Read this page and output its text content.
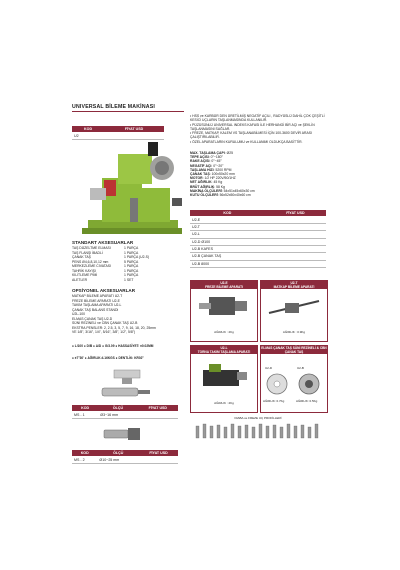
UNIVERSAL BİLEME MAKİNASI
KOD	FİYAT USD
U2	
• HSS ve KARBÜR DEN ÜRETİLMİŞ NEGATİF AÇILI , RADYÜSLÜ DAHİL ÇOK ÇEŞİTLİ KESİCİ UÇLARIN TAŞLANMASINDA KULLANILIR.
• PÜZÜSÜNLÜ UNIVERSAL INDEKS KAFASI İLE HERHANGİ BİR AÇI ve ŞEKLİN TAŞLANMASINI SAĞLAR.
• FREZE, MATKAP, KALEM VS TAŞLANABİLMESİ İÇİN 100-3600 DEVİR ARASI ÇALIŞTIRILABİLİR.
• ÖZEL APARATLARIN KURULUMU ve KULLANIMI OLDUKÇA BASİTTİR.
MAX. TAŞLAMA ÇAPI: Ø25
TEPE AÇISI: 0°~180°
RAKE AÇISI: 0°~45°
NEGATİF AÇI: 0°~20°
TAŞLAMA HIZI: 5200 RPM
ÇANAK TAŞ: 100x50x20 mm
MOTOR: 1/2 HP 220V/50/1HZ
NET AĞIRLIK: 45 Kg
BRÜT AĞIRLIK: 58 Kg
MAKİNA ÖLÇÜLERİ: 54x51x45x60x30 cm
KUTU ÖLÇÜLERİ: 56x52x50x40x60 cm
KOD	FİYAT USD
U2-E	
U2-T	
U2-L	
U2-D Ø100	
U2-B KAFES	
U2-B ÇANAK TAŞ	
U2-B 8000	
STANDART AKSESUARLAR
TAŞ DÜZELTME ELMASI	1 PARÇA
TAŞ FLANŞI İBADLİ	1 PARÇA
ÇANAK TAŞ	1 PARÇA (U2-S)
PENS Ø4,6,8,10,12 mm	5 PARÇA
MERKEZLEME CIVATASI	1 PARÇA
TAHRİK KAYIŞI	1 PARÇA
KİLİTLEME PİMİ	1 PARÇA
ALETLER	1 SET
OPSİYONEL AKSESUARLAR
MATKAP BİLEME APARATI U2-T
FREZE BİLEME APARATI U2-E
TAKIM TAŞLAMA APARATI U2-L
ÇANAK TAŞ BALANS STANDI
U2L-100
ELMAS ÇANAK TAŞ U2-D
SÜNİ REZİNELİ ve CBN ÇANAK TAŞ U2-B
EKSTRA PENSLER: 2, 2.5, 3, 5, 7, 9, 16, 18, 20, 25mm
VE 1/8", 3/16", 1/4", 5/16", 3/8", 1/2", 5/8")
● L/100 ● D/B ● A/D ● G/3.09 ● HASSASİYET: ±0.02MM
● ±7°30' ● AĞIRLIK:4.16KGS ● DENTLİK: KR02"
KOD	ÖLÇÜ	FİYAT USD
MS - 1	Ø3~16 mm	
KOD	ÖLÇÜ	FİYAT USD
MS - 2	Ø10~25 mm	
U2-E
FREZE BİLEME APARATI
AĞIRLIK : 2Kg
U2-T
MATKAP BİLEME APARATI
AĞIRLIK : 0.9Kg
U2-L
TORNA TAKIM TAŞLAMA APARATI
AĞIRLIK : 2Kg
ELMAS ÇANAK TAŞ SÜNİ REZİNELİ & CBN ÇANAK TAŞ
U2-D	U2-B
AĞIRLIK: 0.7Kg	AĞIRLIK: 0.5Kg
DIABA ve FREZE UÇ PROFİLLERİ
